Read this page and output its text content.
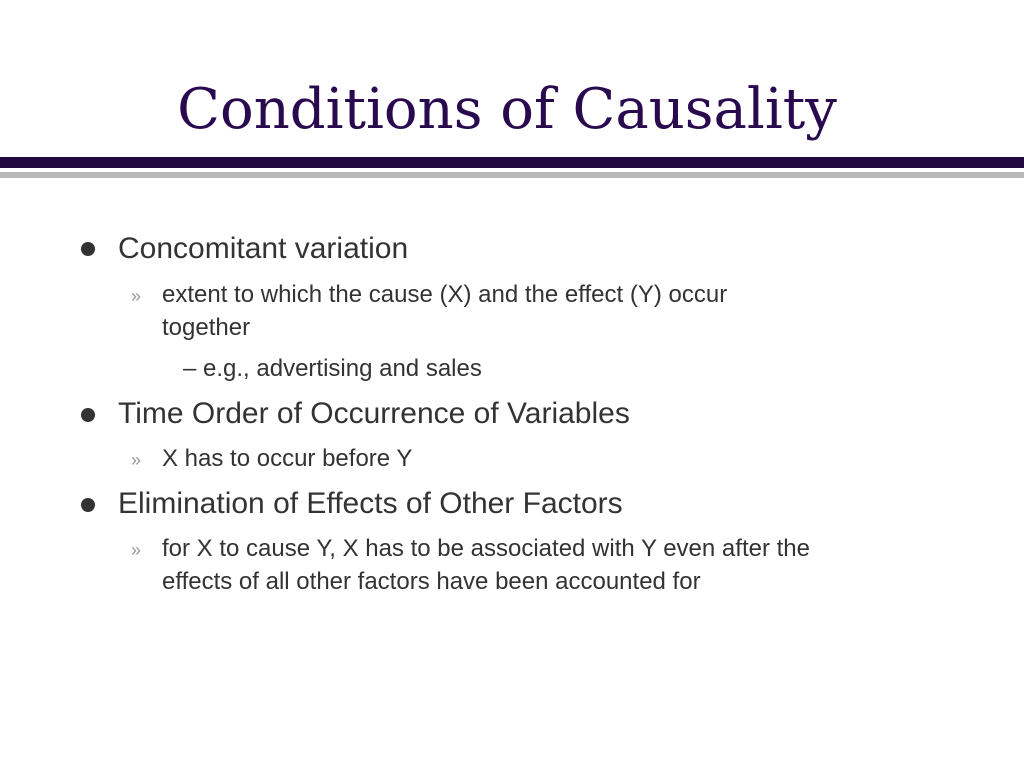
Conditions of Causality
Concomitant variation
» extent to which the cause (X) and the effect (Y) occur
together
– e.g., advertising and sales
Time Order of Occurrence of Variables
» X has to occur before Y
Elimination of Effects of Other Factors
» for X to cause Y, X has to be associated with Y even after the
effects of all other factors have been accounted for
